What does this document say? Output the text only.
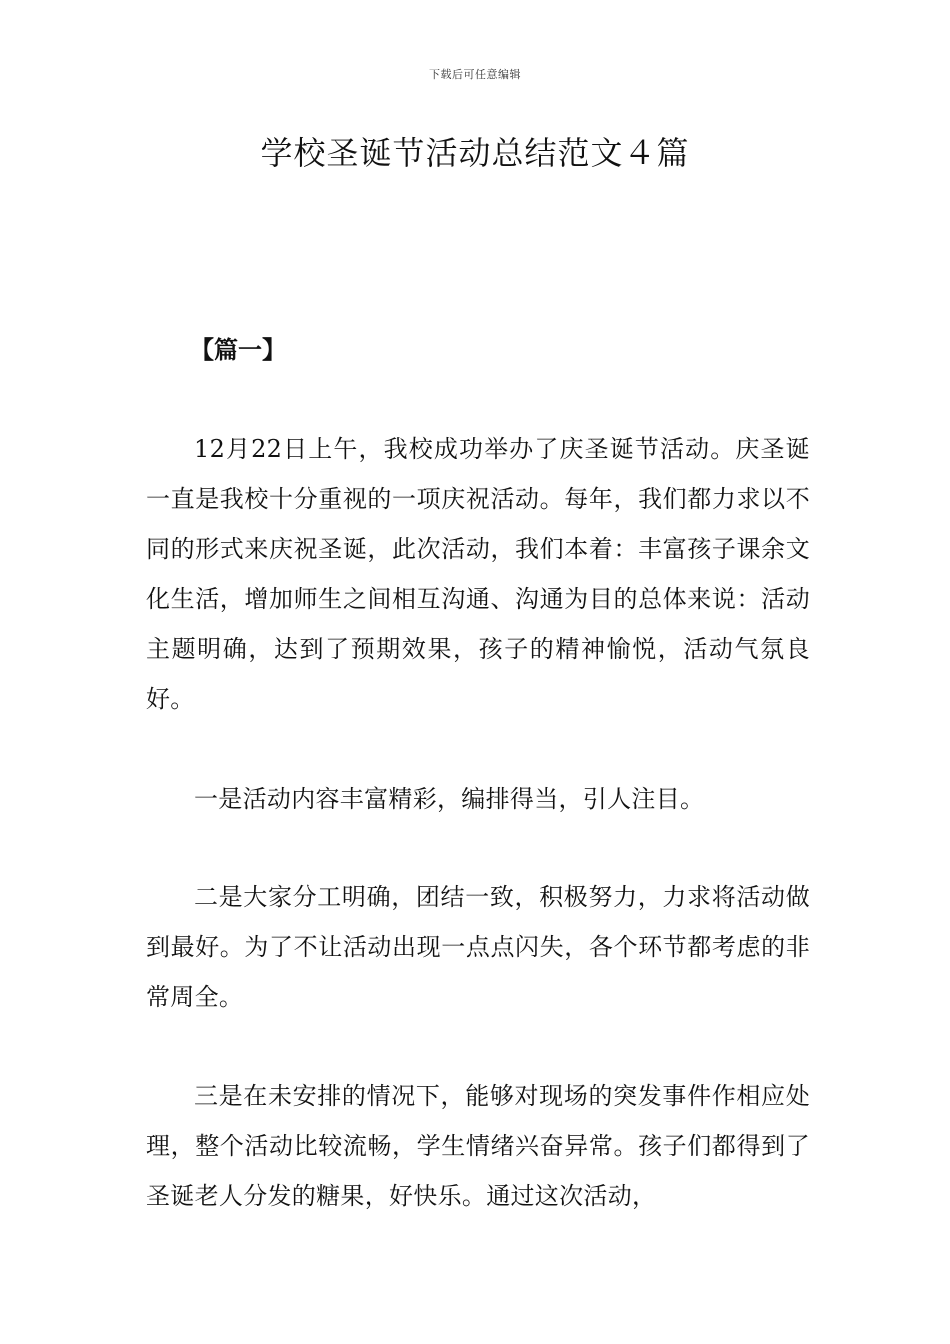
下载后可任意编辑
学校圣诞节活动总结范文４篇
【篇一】

12月22日上午，我校成功举办了庆圣诞节活动。庆圣诞一直是我校十分重视的一项庆祝活动。每年，我们都力求以不同的形式来庆祝圣诞，此次活动，我们本着：丰富孩子课余文化生活，增加师生之间相互沟通、沟通为目的总体来说：活动主题明确，达到了预期效果，孩子的精神愉悦，活动气氛良好。

一是活动内容丰富精彩，编排得当，引人注目。

二是大家分工明确，团结一致，积极努力，力求将活动做到最好。为了不让活动出现一点点闪失，各个环节都考虑的非常周全。

三是在未安排的情况下，能够对现场的突发事件作相应处理，整个活动比较流畅，学生情绪兴奋异常。孩子们都得到了圣诞老人分发的糖果，好快乐。通过这次活动，
